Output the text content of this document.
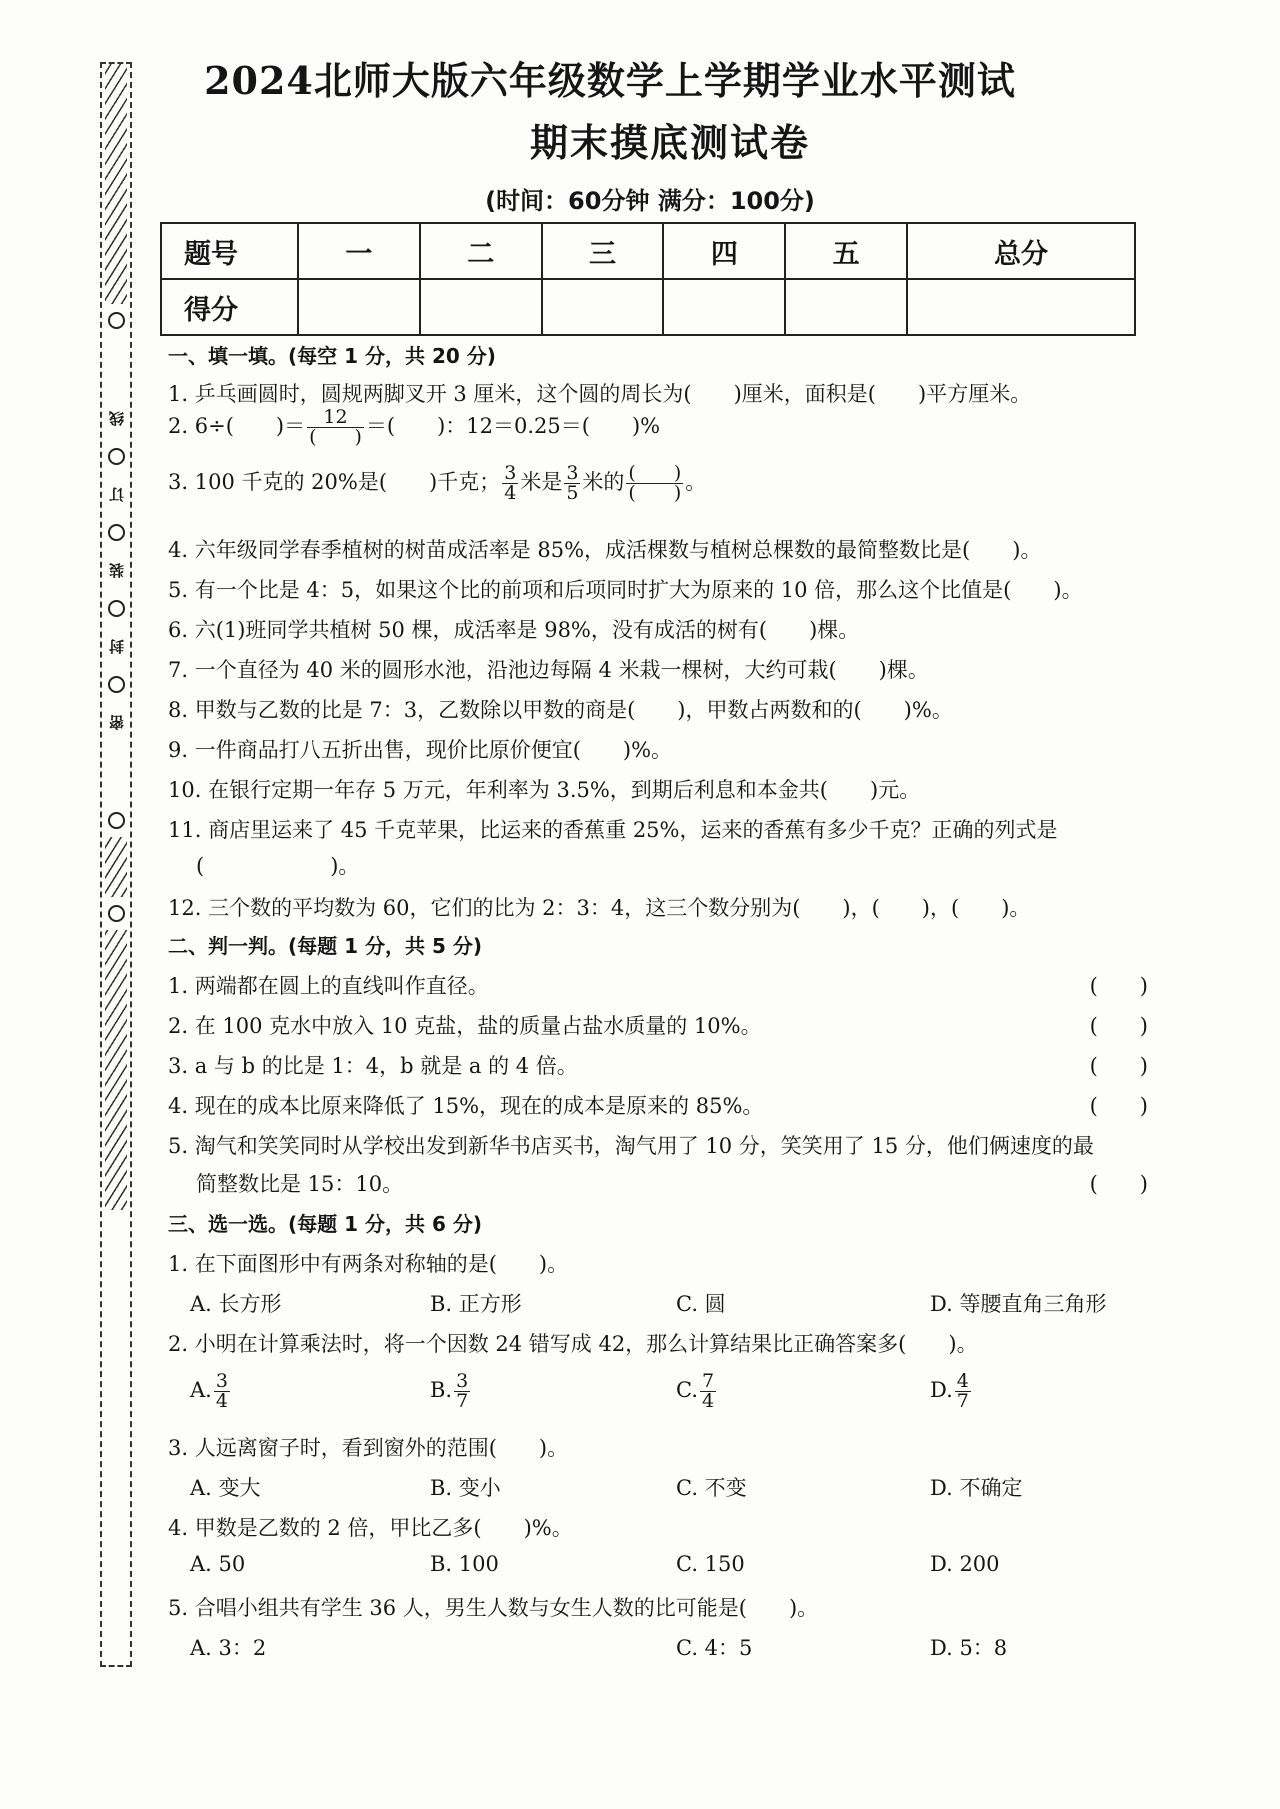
线
订
装
封
密
2024北师大版六年级数学上学期学业水平测试
期末摸底测试卷
(时间：60分钟 满分：100分)
题号	一	二	三	四	五	总分
得分						
一、填一填。(每空 1 分，共 20 分)
1. 乒乓画圆时，圆规两脚叉开 3 厘米，这个圆的周长为(　　)厘米，面积是(　　)平方厘米。
2. 6÷(　　)＝ $\frac{12}{( )}$ ＝(　　)：12＝0.25＝(　　)%
3. 100 千克的 20%是(　　)千克； $\frac{3}{4}$ 米是 $\frac{3}{5}$ 米的 $\frac{( )}{( )}$ 。
4. 六年级同学春季植树的树苗成活率是 85%，成活棵数与植树总棵数的最简整数比是(　　)。
5. 有一个比是 4：5，如果这个比的前项和后项同时扩大为原来的 10 倍，那么这个比值是(　　)。
6. 六(1)班同学共植树 50 棵，成活率是 98%，没有成活的树有(　　)棵。
7. 一个直径为 40 米的圆形水池，沿池边每隔 4 米栽一棵树，大约可栽(　　)棵。
8. 甲数与乙数的比是 7：3，乙数除以甲数的商是(　　)，甲数占两数和的(　　)%。
9. 一件商品打八五折出售，现价比原价便宜(　　)%。
10. 在银行定期一年存 5 万元，年利率为 3.5%，到期后利息和本金共(　　)元。
11. 商店里运来了 45 千克苹果，比运来的香蕉重 25%，运来的香蕉有多少千克？正确的列式是
(　　　　　　)。
12. 三个数的平均数为 60，它们的比为 2：3：4，这三个数分别为(　　)，(　　)，(　　)。
二、判一判。(每题 1 分，共 5 分)
1. 两端都在圆上的直线叫作直径。	(　　)
2. 在 100 克水中放入 10 克盐，盐的质量占盐水质量的 10%。	(　　)
3. a 与 b 的比是 1：4，b 就是 a 的 4 倍。	(　　)
4. 现在的成本比原来降低了 15%，现在的成本是原来的 85%。	(　　)
5. 淘气和笑笑同时从学校出发到新华书店买书，淘气用了 10 分，笑笑用了 15 分，他们俩速度的最
简整数比是 15：10。	(　　)
三、选一选。(每题 1 分，共 6 分)
1. 在下面图形中有两条对称轴的是(　　)。
A. 长方形	B. 正方形	C. 圆	D. 等腰直角三角形
2. 小明在计算乘法时，将一个因数 24 错写成 42，那么计算结果比正确答案多(　　)。
A. $\frac{3}{4}$	B. $\frac{3}{7}$	C. $\frac{7}{4}$	D. $\frac{4}{7}$
3. 人远离窗子时，看到窗外的范围(　　)。
A. 变大	B. 变小	C. 不变	D. 不确定
4. 甲数是乙数的 2 倍，甲比乙多(　　)%。
A. 50	B. 100	C. 150	D. 200
5. 合唱小组共有学生 36 人，男生人数与女生人数的比可能是(　　)。
A. 3：2	C. 4：5	D. 5：8
